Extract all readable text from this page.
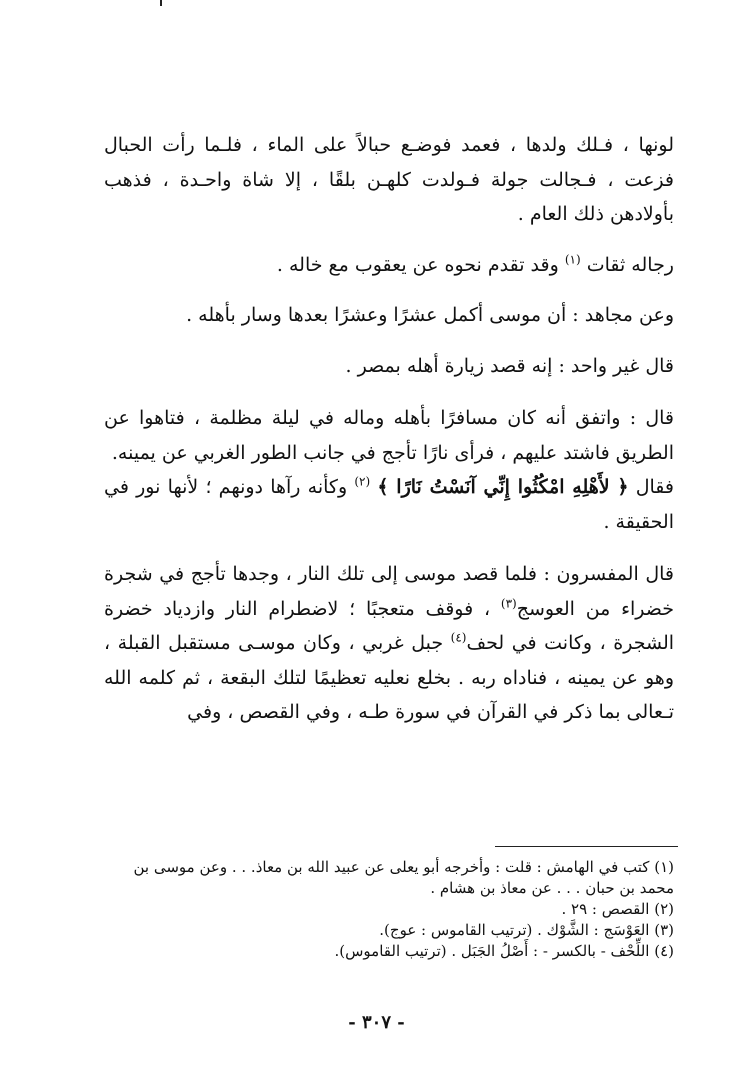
لونها ، فـلك ولدها ، فعمد فوضـع حبالاً على الماء ، فلـما رأت الحبال فزعت ، فـجالت جولة فـولدت كلهـن بلقًا ، إلا شاة واحـدة ، فذهب بأولادهن ذلك العام .

رجاله ثقات $^{(١)}$ وقد تقدم نحوه عن يعقوب مع خاله .

وعن مجاهد : أن موسى أكمل عشرًا وعشرًا بعدها وسار بأهله .

قال غير واحد : إنه قصد زيارة أهله بمصر .

قال : واتفق أنه كان مسافرًا بأهله وماله في ليلة مظلمة ، فتاهوا عن الطريق فاشتد عليهم ، فرأى نارًا تأجج في جانب الطور الغربي عن يمينه.

فقال ﴿ لأَهْلِهِ امْكُثُوا إِنِّي آنَسْتُ نَارًا ﴾ $^{(٢)}$ وكأنه رآها دونهم ؛ لأنها نور في الحقيقة .

قال المفسرون : فلما قصد موسى إلى تلك النار ، وجدها تأجج في شجرة خضراء من العوسج$^{(٣)}$ ، فوقف متعجبًا ؛ لاضطرام النار وازدياد خضرة الشجرة ، وكانت في لحف$^{(٤)}$ جبل غربي ، وكان موسـى مستقبل القبلة ، وهو عن يمينه ، فناداه ربه . بخلع نعليه تعظيمًا لتلك البقعة ، ثم كلمه الله تـعالى بما ذكر في القرآن في سورة طـه ، وفي القصص ، وفي

(١) كتب في الهامش : قلت : وأخرجه أبو يعلى عن عبيد الله بن معاذ. . . وعن موسى بن محمد بن حبان . . . عن معاذ بن هشام .

(٢) القصص : ٢٩ .

(٣) العَوْسَج : الشَّوْك . (ترتيب القاموس : عوج).

(٤) اللِّحْف - بالكسر - : أَصْلُ الجَبَل . (ترتيب القاموس).

- ٣٠٧ -
